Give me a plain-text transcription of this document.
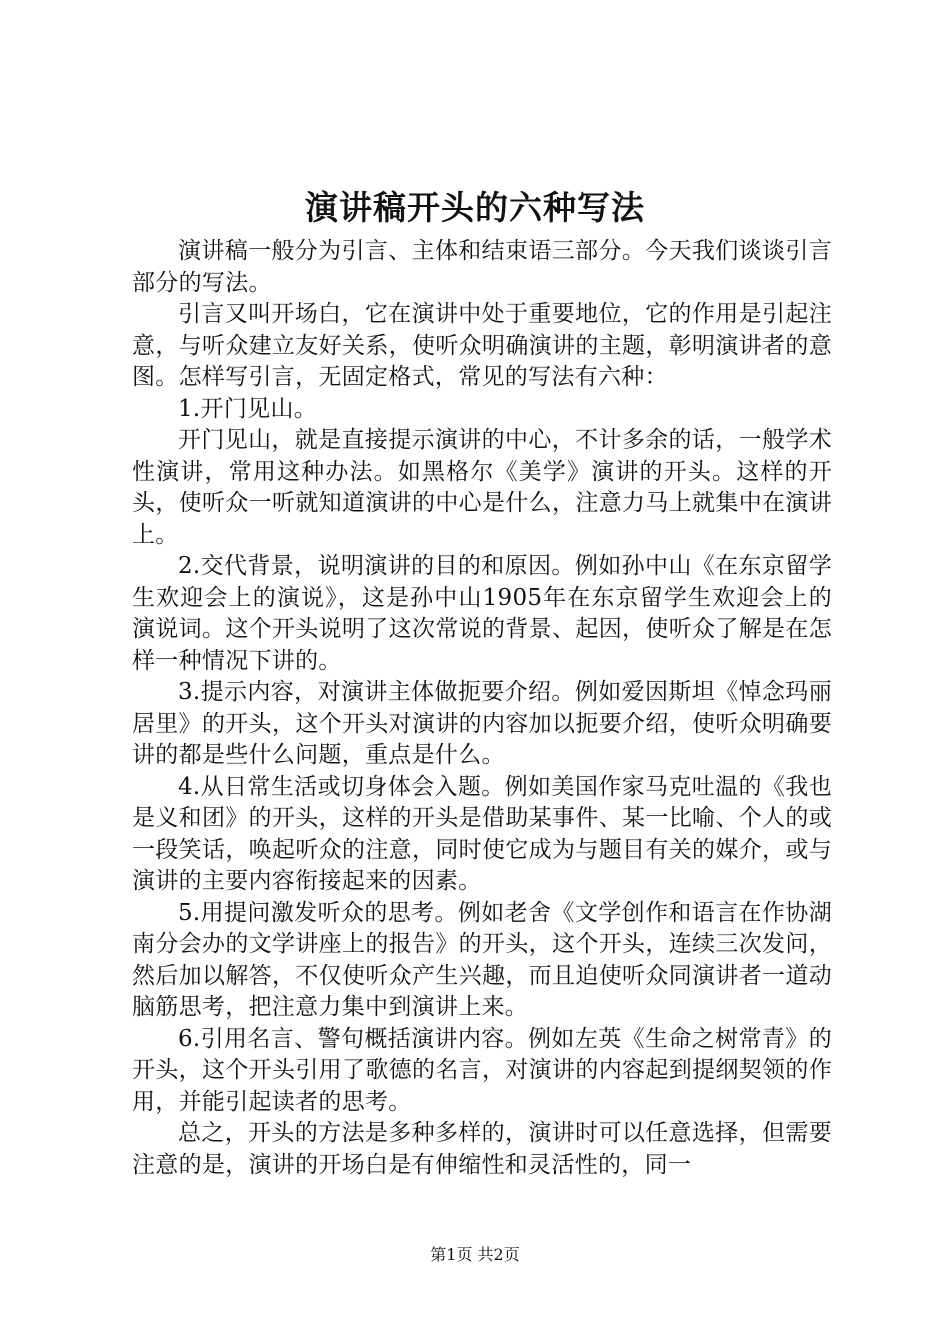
演讲稿开头的六种写法

演讲稿一般分为引言、主体和结束语三部分。今天我们谈谈引言部分的写法。

引言又叫开场白，它在演讲中处于重要地位，它的作用是引起注意，与听众建立友好关系，使听众明确演讲的主题，彰明演讲者的意图。怎样写引言，无固定格式，常见的写法有六种：

1.开门见山。

开门见山，就是直接提示演讲的中心，不计多余的话，一般学术性演讲，常用这种办法。如黑格尔《美学》演讲的开头。这样的开头，使听众一听就知道演讲的中心是什么，注意力马上就集中在演讲上。

2.交代背景，说明演讲的目的和原因。例如孙中山《在东京留学生欢迎会上的演说》，这是孙中山1905年在东京留学生欢迎会上的演说词。这个开头说明了这次常说的背景、起因，使听众了解是在怎样一种情况下讲的。

3.提示内容，对演讲主体做扼要介绍。例如爱因斯坦《悼念玛丽居里》的开头，这个开头对演讲的内容加以扼要介绍，使听众明确要讲的都是些什么问题，重点是什么。

4.从日常生活或切身体会入题。例如美国作家马克吐温的《我也是义和团》的开头，这样的开头是借助某事件、某一比喻、个人的或一段笑话，唤起听众的注意，同时使它成为与题目有关的媒介，或与演讲的主要内容衔接起来的因素。

5.用提问激发听众的思考。例如老舍《文学创作和语言在作协湖南分会办的文学讲座上的报告》的开头，这个开头，连续三次发问，然后加以解答，不仅使听众产生兴趣，而且迫使听众同演讲者一道动脑筋思考，把注意力集中到演讲上来。

6.引用名言、警句概括演讲内容。例如左英《生命之树常青》的开头，这个开头引用了歌德的名言，对演讲的内容起到提纲契领的作用，并能引起读者的思考。

总之，开头的方法是多种多样的，演讲时可以任意选择，但需要注意的是，演讲的开场白是有伸缩性和灵活性的，同一

第1页 共2页
